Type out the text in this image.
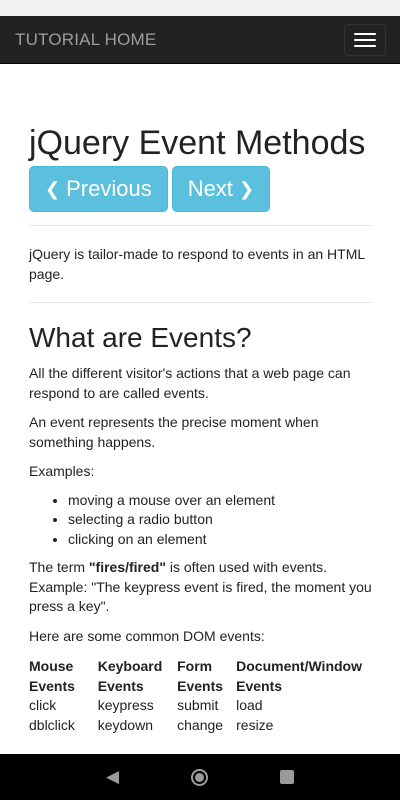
TUTORIAL HOME
jQuery Event Methods
❮ Previous Next ❯

jQuery is tailor-made to respond to events in an HTML page.

What are Events?

All the different visitor's actions that a web page can respond to are called events.

An event represents the precise moment when something happens.

Examples:

• moving a mouse over an element
• selecting a radio button
• clicking on an element

The term "fires/fired" is often used with events. Example: "The keypress event is fired, the moment you press a key".

Here are some common DOM events:

Mouse Events	Keyboard Events	Form Events	Document/Window Events
click	keypress	submit	load
dblclick	keydown	change	resize
◀
